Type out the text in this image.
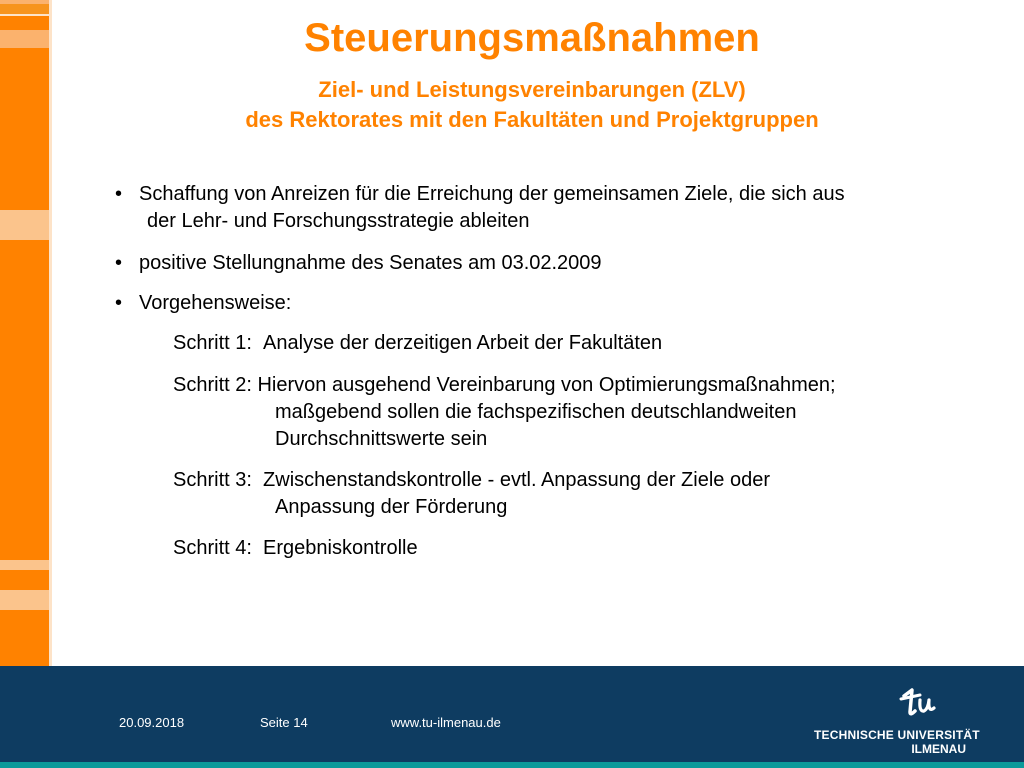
Steuerungsmaßnahmen
Ziel- und Leistungsvereinbarungen (ZLV)
des Rektorates mit den Fakultäten und Projektgruppen
• Schaffung von Anreizen für die Erreichung der gemeinsamen Ziele, die sich aus
der Lehr- und Forschungsstrategie ableiten
• positive Stellungnahme des Senates am 03.02.2009
• Vorgehensweise:
Schritt 1: Analyse der derzeitigen Arbeit der Fakultäten
Schritt 2: Hiervon ausgehend Vereinbarung von Optimierungsmaßnahmen;
maßgebend sollen die fachspezifischen deutschlandweiten
Durchschnittswerte sein
Schritt 3: Zwischenstandskontrolle - evtl. Anpassung der Ziele oder
Anpassung der Förderung
Schritt 4: Ergebniskontrolle
20.09.2018	Seite 14	www.tu-ilmenau.de
TECHNISCHE UNIVERSITÄT
ILMENAU
